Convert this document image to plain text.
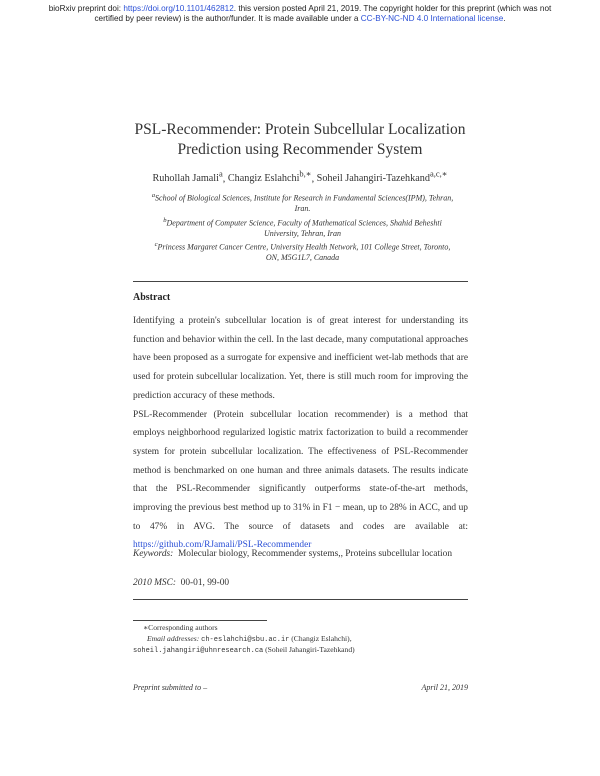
bioRxiv preprint doi: https://doi.org/10.1101/462812. this version posted April 21, 2019. The copyright holder for this preprint (which was not
certified by peer review) is the author/funder. It is made available under a CC-BY-NC-ND 4.0 International license.
PSL-Recommender: Protein Subcellular Localization
Prediction using Recommender System
Ruhollah Jamali$^a$, Changiz Eslahchi$^{b,∗}$, Soheil Jahangiri-Tazehkand$^{a,c,∗}$
$^a$School of Biological Sciences, Institute for Research in Fundamental Sciences(IPM), Tehran, Iran.
$^b$Department of Computer Science, Faculty of Mathematical Sciences, Shahid Beheshti University, Tehran, Iran
$^c$Princess Margaret Cancer Centre, University Health Network, 101 College Street, Toronto, ON, M5G1L7, Canada
Abstract

Identifying a protein's subcellular location is of great interest for understanding its function and behavior within the cell. In the last decade, many computational approaches have been proposed as a surrogate for expensive and inefficient wet-lab methods that are used for protein subcellular localization. Yet, there is still much room for improving the prediction accuracy of these methods.

PSL-Recommender (Protein subcellular location recommender) is a method that employs neighborhood regularized logistic matrix factorization to build a recommender system for protein subcellular localization. The effectiveness of PSL-Recommender method is benchmarked on one human and three animals datasets. The results indicate that the PSL-Recommender significantly outperforms state-of-the-art methods, improving the previous best method up to 31% in F1 − mean, up to 28% in ACC, and up to 47% in AVG. The source of datasets and codes are available at: https://github.com/RJamali/PSL-Recommender

Keywords: Molecular biology, Recommender systems,, Proteins subcellular location
2010 MSC: 00-01, 99-00
∗Corresponding authors
Email addresses: ch-eslahchi@sbu.ac.ir (Changiz Eslahchi),
soheil.jahangiri@uhnresearch.ca (Soheil Jahangiri-Tazehkand)
Preprint submitted to –	April 21, 2019
